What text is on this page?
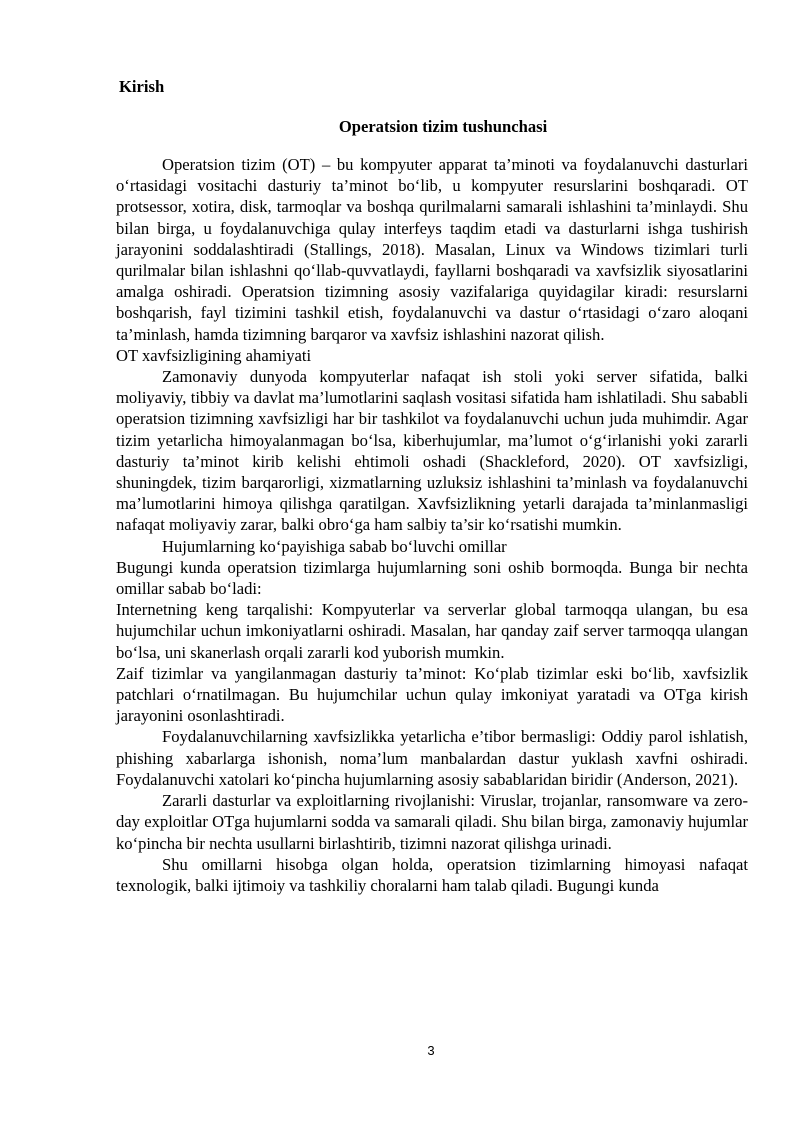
Kirish

Operatsion tizim tushunchasi

Operatsion tizim (OT) – bu kompyuter apparat ta’minoti va foydalanuvchi dasturlari o‘rtasidagi vositachi dasturiy ta’minot bo‘lib, u kompyuter resurslarini boshqaradi. OT protsessor, xotira, disk, tarmoqlar va boshqa qurilmalarni samarali ishlashini ta’minlaydi. Shu bilan birga, u foydalanuvchiga qulay interfeys taqdim etadi va dasturlarni ishga tushirish jarayonini soddalashtiradi (Stallings, 2018). Masalan, Linux va Windows tizimlari turli qurilmalar bilan ishlashni qo‘llab-quvvatlaydi, fayllarni boshqaradi va xavfsizlik siyosatlarini amalga oshiradi. Operatsion tizimning asosiy vazifalariga quyidagilar kiradi: resurslarni boshqarish, fayl tizimini tashkil etish, foydalanuvchi va dastur o‘rtasidagi o‘zaro aloqani ta’minlash, hamda tizimning barqaror va xavfsiz ishlashini nazorat qilish.

OT xavfsizligining ahamiyati

Zamonaviy dunyoda kompyuterlar nafaqat ish stoli yoki server sifatida, balki moliyaviy, tibbiy va davlat ma’lumotlarini saqlash vositasi sifatida ham ishlatiladi. Shu sababli operatsion tizimning xavfsizligi har bir tashkilot va foydalanuvchi uchun juda muhimdir. Agar tizim yetarlicha himoyalanmagan bo‘lsa, kiberhujumlar, ma’lumot o‘g‘irlanishi yoki zararli dasturiy ta’minot kirib kelishi ehtimoli oshadi (Shackleford, 2020). OT xavfsizligi, shuningdek, tizim barqarorligi, xizmatlarning uzluksiz ishlashini ta’minlash va foydalanuvchi ma’lumotlarini himoya qilishga qaratilgan. Xavfsizlikning yetarli darajada ta’minlanmasligi nafaqat moliyaviy zarar, balki obro‘ga ham salbiy ta’sir ko‘rsatishi mumkin.

Hujumlarning ko‘payishiga sabab bo‘luvchi omillar

Bugungi kunda operatsion tizimlarga hujumlarning soni oshib bormoqda. Bunga bir nechta omillar sabab bo‘ladi:

Internetning keng tarqalishi: Kompyuterlar va serverlar global tarmoqqa ulangan, bu esa hujumchilar uchun imkoniyatlarni oshiradi. Masalan, har qanday zaif server tarmoqqa ulangan bo‘lsa, uni skanerlash orqali zararli kod yuborish mumkin.

Zaif tizimlar va yangilanmagan dasturiy ta’minot: Ko‘plab tizimlar eski bo‘lib, xavfsizlik patchlari o‘rnatilmagan. Bu hujumchilar uchun qulay imkoniyat yaratadi va OTga kirish jarayonini osonlashtiradi.

Foydalanuvchilarning xavfsizlikka yetarlicha e’tibor bermasligi: Oddiy parol ishlatish, phishing xabarlarga ishonish, noma’lum manbalardan dastur yuklash xavfni oshiradi. Foydalanuvchi xatolari ko‘pincha hujumlarning asosiy sabablaridan biridir (Anderson, 2021).

Zararli dasturlar va exploitlarning rivojlanishi: Viruslar, trojanlar, ransomware va zero-day exploitlar OTga hujumlarni sodda va samarali qiladi. Shu bilan birga, zamonaviy hujumlar ko‘pincha bir nechta usullarni birlashtirib, tizimni nazorat qilishga urinadi.

Shu omillarni hisobga olgan holda, operatsion tizimlarning himoyasi nafaqat texnologik, balki ijtimoiy va tashkiliy choralarni ham talab qiladi. Bugungi kunda

3
